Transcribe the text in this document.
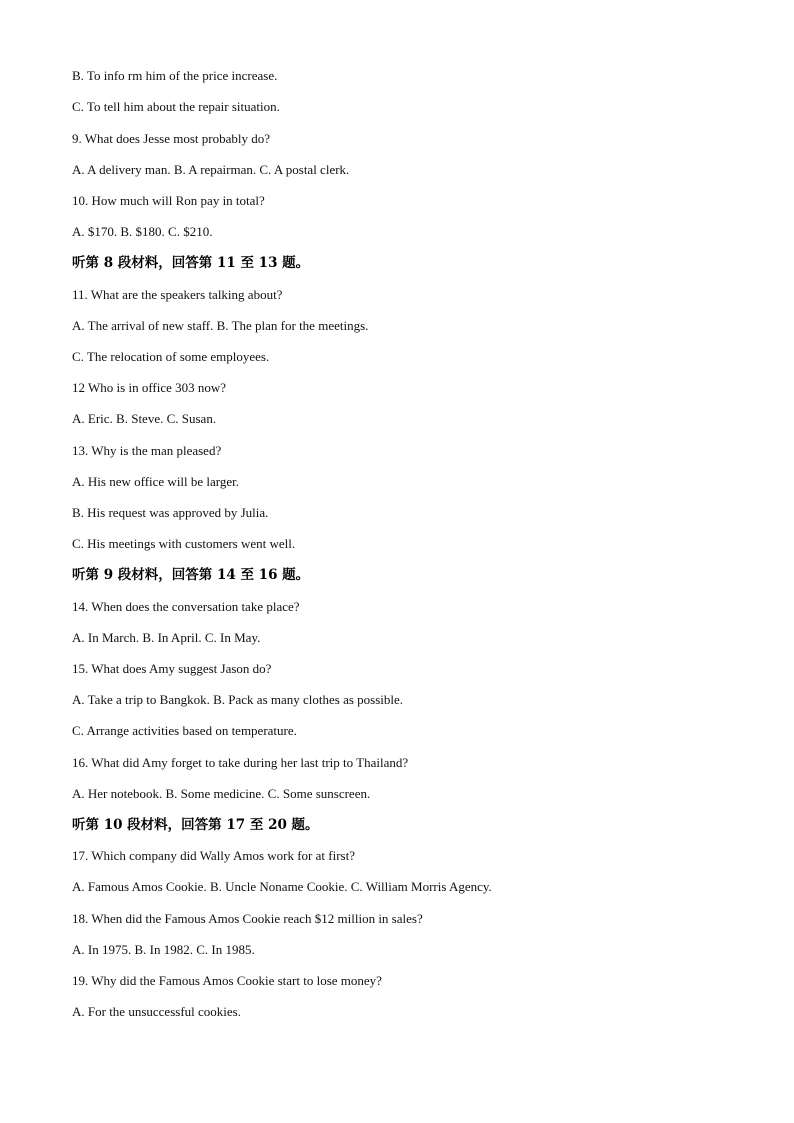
B. To info rm him of the price increase.
C. To tell him about the repair situation.
9. What does Jesse most probably do?
A. A delivery man. B. A repairman. C. A postal clerk.
10. How much will Ron pay in total?
A. $170. B. $180. C. $210.
听第 8 段材料，回答第 11 至 13 题。
11. What are the speakers talking about?
A. The arrival of new staff. B. The plan for the meetings.
C. The relocation of some employees.
12 Who is in office 303 now?
A. Eric. B. Steve. C. Susan.
13. Why is the man pleased?
A. His new office will be larger.
B. His request was approved by Julia.
C. His meetings with customers went well.
听第 9 段材料，回答第 14 至 16 题。
14. When does the conversation take place?
A. In March. B. In April. C. In May.
15. What does Amy suggest Jason do?
A. Take a trip to Bangkok. B. Pack as many clothes as possible.
C. Arrange activities based on temperature.
16. What did Amy forget to take during her last trip to Thailand?
A. Her notebook. B. Some medicine. C. Some sunscreen.
听第 10 段材料，回答第 17 至 20 题。
17. Which company did Wally Amos work for at first?
A. Famous Amos Cookie. B. Uncle Noname Cookie. C. William Morris Agency.
18. When did the Famous Amos Cookie reach $12 million in sales?
A. In 1975. B. In 1982. C. In 1985.
19. Why did the Famous Amos Cookie start to lose money?
A. For the unsuccessful cookies.
